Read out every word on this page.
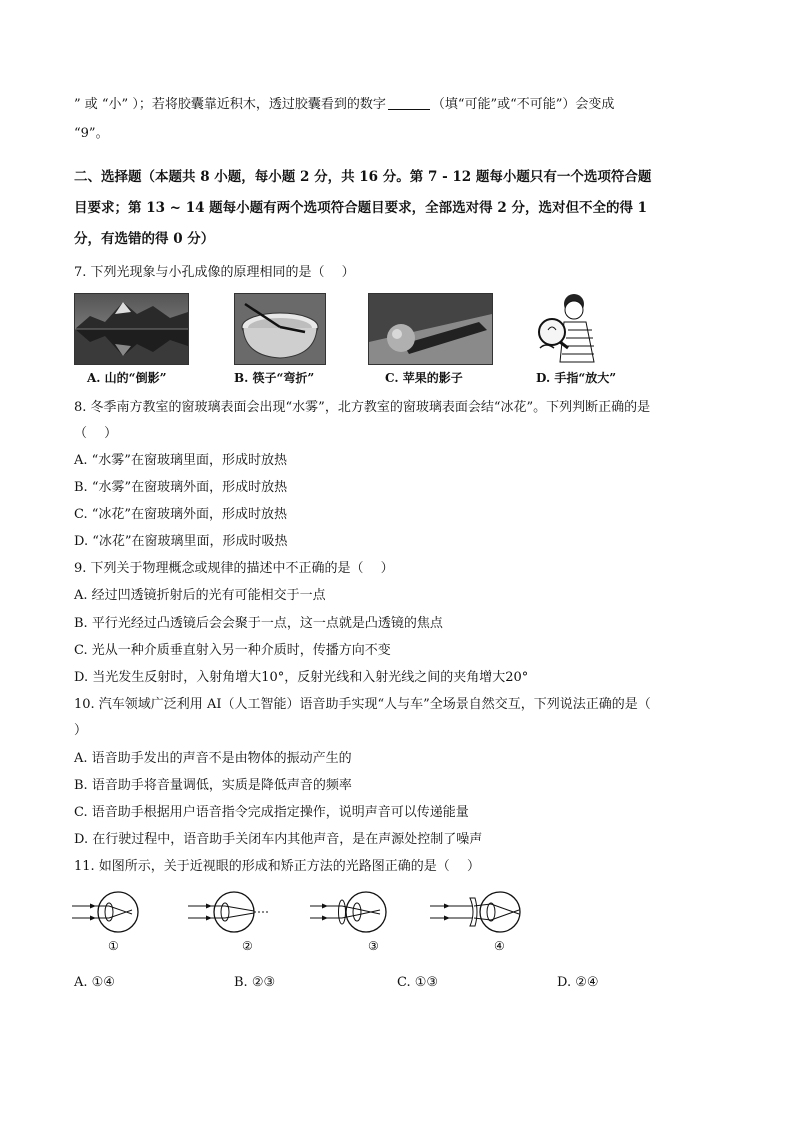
” 或 “小” ）；若将胶囊靠近积木，透过胶囊看到的数字	（填“可能”或“不可能”）会变成
“9”。
二、选择题（本题共 8 小题，每小题 2 分，共 16 分。第 7 - 12 题每小题只有一个选项符合题
目要求；第 13 ~ 14 题每小题有两个选项符合题目要求，全部选对得 2 分，选对但不全的得 1
分，有选错的得 0 分）
7. 下列光现象与小孔成像的原理相同的是（　 ）
A. 山的“倒影”	B. 筷子“弯折”	C. 苹果的影子	D. 手指“放大”
8. 冬季南方教室的窗玻璃表面会出现“水雾”，北方教室的窗玻璃表面会结“冰花”。下列判断正确的是
（　 ）
A. “水雾”在窗玻璃里面，形成时放热
B. “水雾”在窗玻璃外面，形成时放热
C. “冰花”在窗玻璃外面，形成时放热
D. “冰花”在窗玻璃里面，形成时吸热
9. 下列关于物理概念或规律的描述中不正确的是（　 ）
A. 经过凹透镜折射后的光有可能相交于一点
B. 平行光经过凸透镜后会会聚于一点，这一点就是凸透镜的焦点
C. 光从一种介质垂直射入另一种介质时，传播方向不变
D. 当光发生反射时，入射角增大10°，反射光线和入射光线之间的夹角增大20°
10. 汽车领域广泛利用 AI（人工智能）语音助手实现“人与车”全场景自然交互，下列说法正确的是（
）
A. 语音助手发出的声音不是由物体的振动产生的
B. 语音助手将音量调低，实质是降低声音的频率
C. 语音助手根据用户语音指令完成指定操作，说明声音可以传递能量
D. 在行驶过程中，语音助手关闭车内其他声音，是在声源处控制了噪声
11. 如图所示，关于近视眼的形成和矫正方法的光路图正确的是（　 ）
①	②	③	④
A. ①④	B. ②③	C. ①③	D. ②④
